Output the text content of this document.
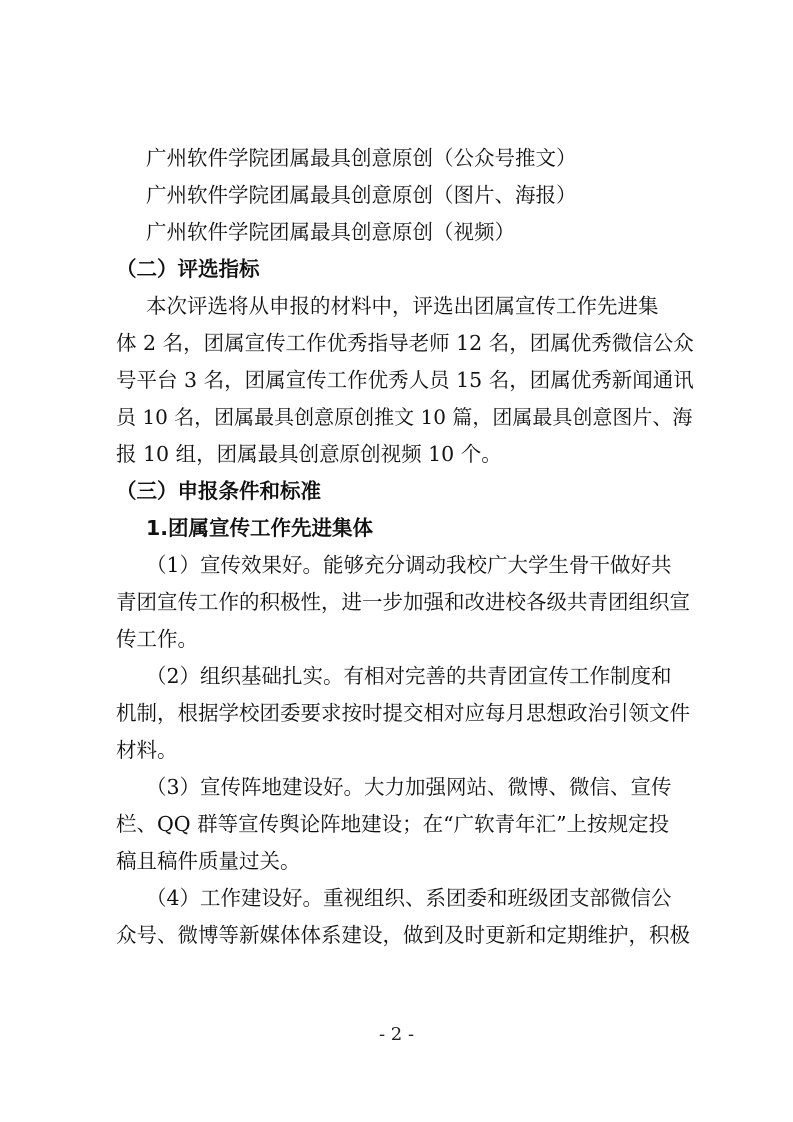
广州软件学院团属最具创意原创（公众号推文）
广州软件学院团属最具创意原创（图片、海报）
广州软件学院团属最具创意原创（视频）
（二）评选指标
本次评选将从申报的材料中，评选出团属宣传工作先进集
体 2 名，团属宣传工作优秀指导老师 12 名，团属优秀微信公众
号平台 3 名，团属宣传工作优秀人员 15 名，团属优秀新闻通讯
员 10 名，团属最具创意原创推文 10 篇，团属最具创意图片、海
报 10 组，团属最具创意原创视频 10 个。
（三）申报条件和标准
1.团属宣传工作先进集体
（1）宣传效果好。能够充分调动我校广大学生骨干做好共
青团宣传工作的积极性，进一步加强和改进校各级共青团组织宣
传工作。
（2）组织基础扎实。有相对完善的共青团宣传工作制度和
机制，根据学校团委要求按时提交相对应每月思想政治引领文件
材料。
（3）宣传阵地建设好。大力加强网站、微博、微信、宣传
栏、QQ 群等宣传舆论阵地建设；在“广软青年汇”上按规定投
稿且稿件质量过关。
（4）工作建设好。重视组织、系团委和班级团支部微信公
众号、微博等新媒体体系建设，做到及时更新和定期维护，积极
- 2 -
